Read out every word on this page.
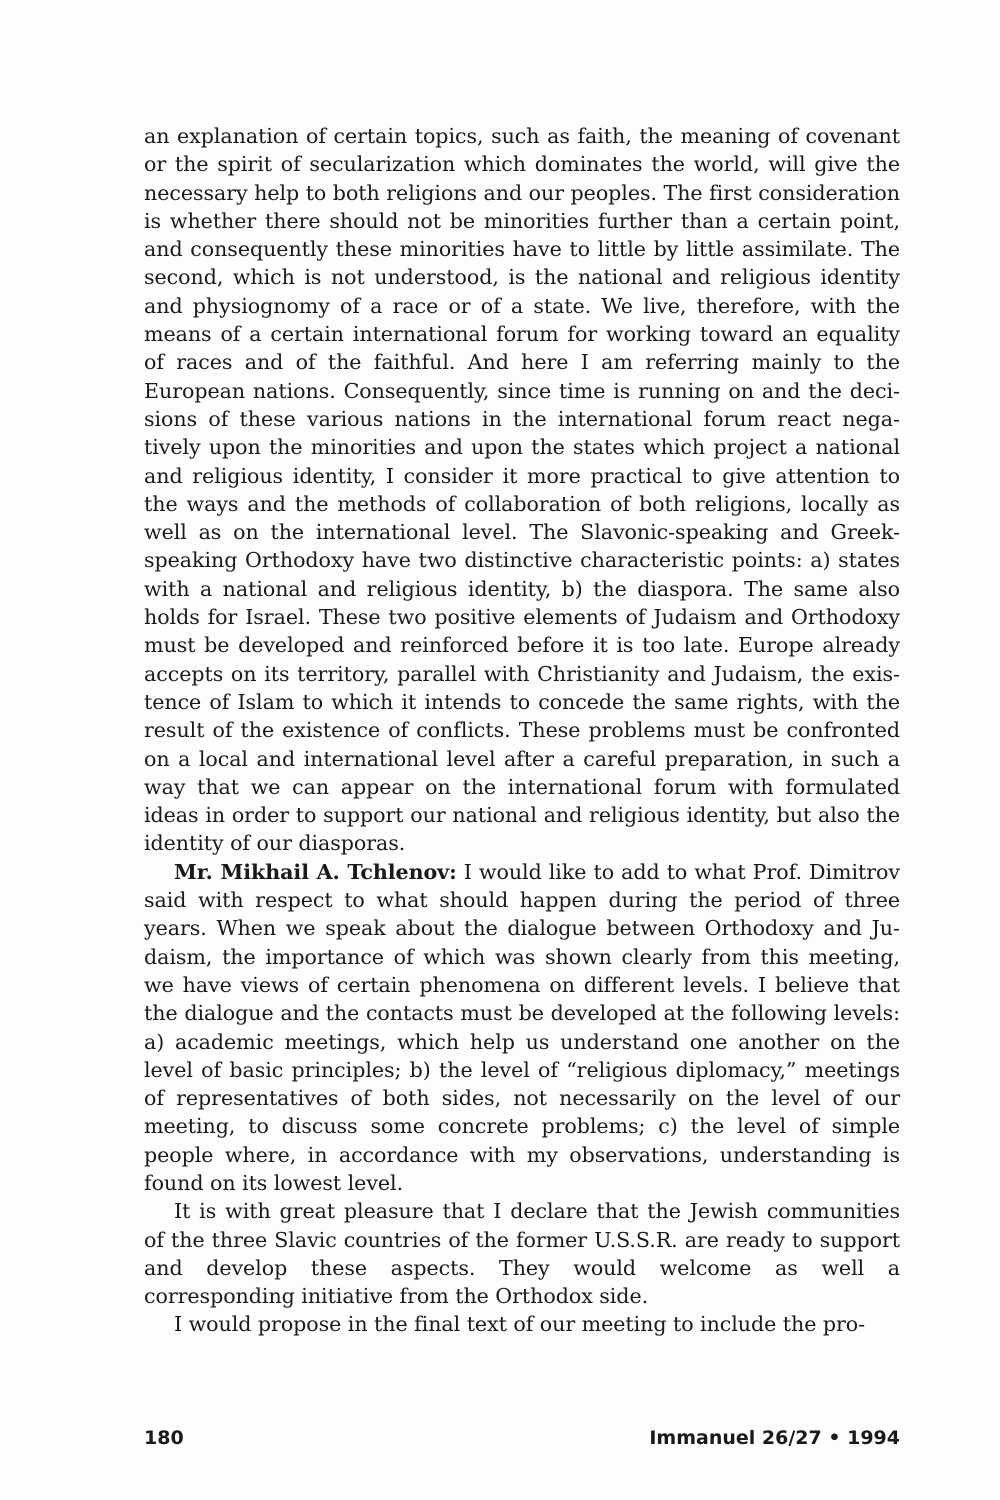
an explanation of certain topics, such as faith, the meaning of covenant or the spirit of secularization which dominates the world, will give the necessary help to both religions and our peoples. The first consideration is whether there should not be minorities further than a certain point, and consequently these minorities have to little by little assimilate. The second, which is not understood, is the national and religious identity and physiognomy of a race or of a state. We live, therefore, with the means of a certain international forum for working toward an equality of races and of the faithful. And here I am referring mainly to the European nations. Consequently, since time is running on and the decisions of these various nations in the international forum react negatively upon the minorities and upon the states which project a national and religious identity, I consider it more practical to give attention to the ways and the methods of collaboration of both religions, locally as well as on the international level. The Slavonic-speaking and Greek-speaking Orthodoxy have two distinctive characteristic points: a) states with a national and religious identity, b) the diaspora. The same also holds for Israel. These two positive elements of Judaism and Orthodoxy must be developed and reinforced before it is too late. Europe already accepts on its territory, parallel with Christianity and Judaism, the existence of Islam to which it intends to concede the same rights, with the result of the existence of conflicts. These problems must be confronted on a local and international level after a careful preparation, in such a way that we can appear on the international forum with formulated ideas in order to support our national and religious identity, but also the identity of our diasporas.

Mr. Mikhail A. Tchlenov: I would like to add to what Prof. Dimitrov said with respect to what should happen during the period of three years. When we speak about the dialogue between Orthodoxy and Judaism, the importance of which was shown clearly from this meeting, we have views of certain phenomena on different levels. I believe that the dialogue and the contacts must be developed at the following levels: a) academic meetings, which help us understand one another on the level of basic principles; b) the level of “religious diplomacy,” meetings of representatives of both sides, not necessarily on the level of our meeting, to discuss some concrete problems; c) the level of simple people where, in accordance with my observations, understanding is found on its lowest level.

It is with great pleasure that I declare that the Jewish communities of the three Slavic countries of the former U.S.S.R. are ready to support and develop these aspects. They would welcome as well a corresponding initiative from the Orthodox side.

I would propose in the final text of our meeting to include the pro-

180	Immanuel 26/27 • 1994
